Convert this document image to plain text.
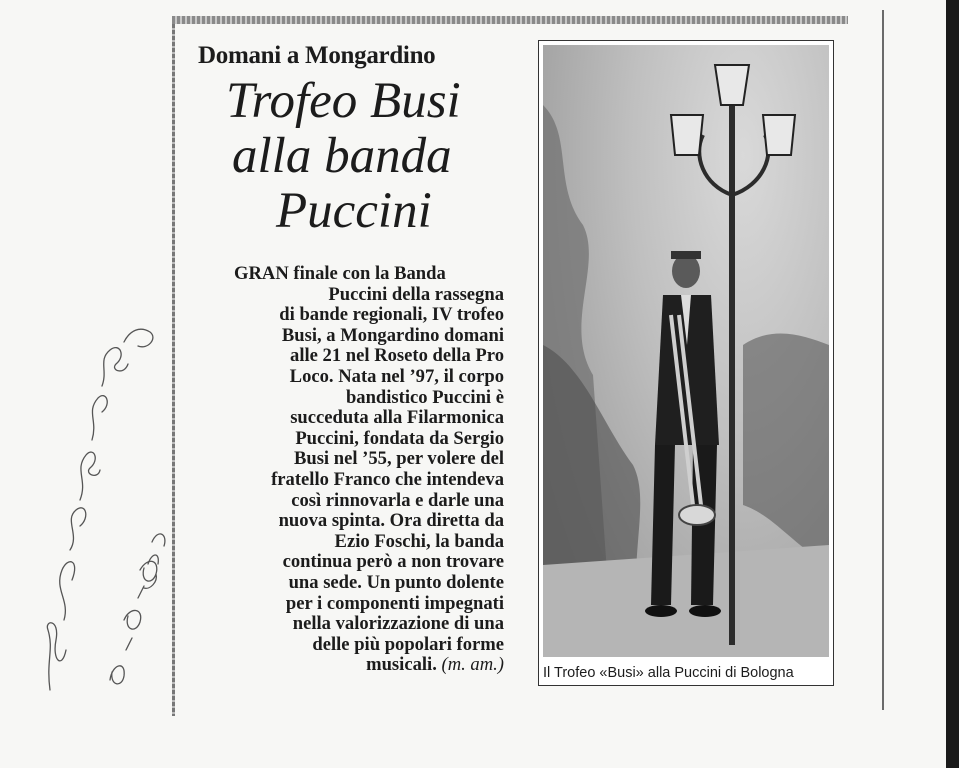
Domani a Mongardino
Trofeo Busi
alla banda
Puccini
GRAN finale con la Banda
Puccini della rassegna
di bande regionali, IV trofeo
Busi, a Mongardino domani
alle 21 nel Roseto della Pro
Loco. Nata nel ’97, il corpo
bandistico Puccini è
succeduta alla Filarmonica
Puccini, fondata da Sergio
Busi nel ’55, per volere del
fratello Franco che intendeva
così rinnovarla e darle una
nuova spinta. Ora diretta da
Ezio Foschi, la banda
continua però a non trovare
una sede. Un punto dolente
per i componenti impegnati
nella valorizzazione di una
delle più popolari forme
musicali. (m. am.)	Il Trofeo «Busi» alla Puccini di Bologna
